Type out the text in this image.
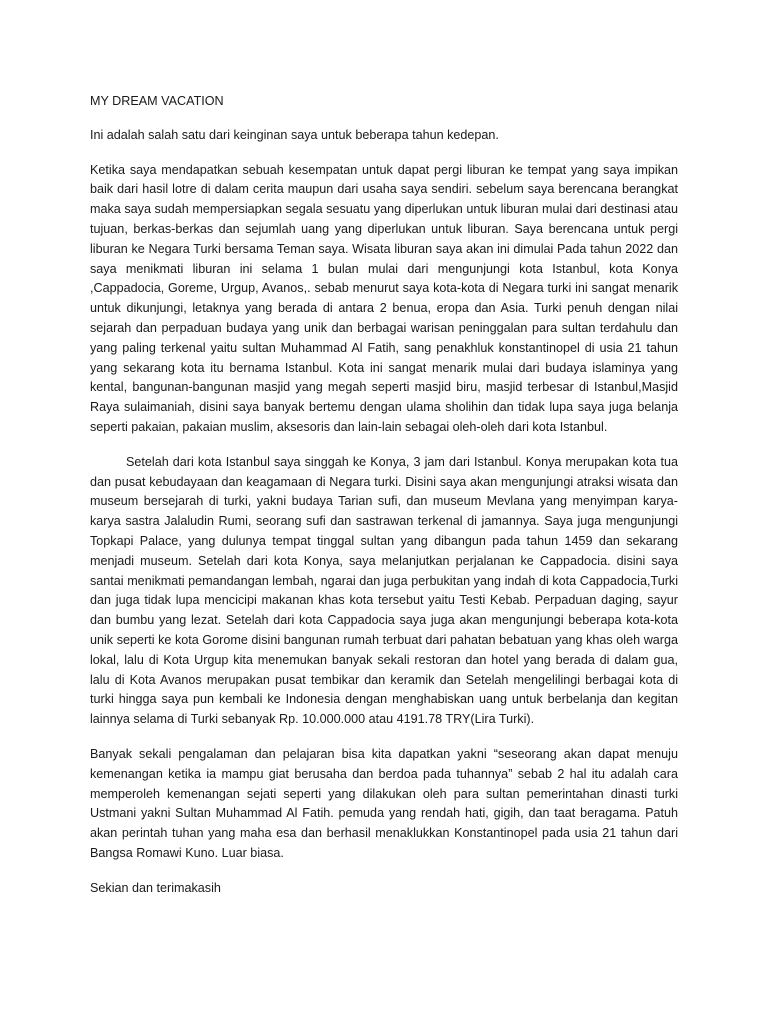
MY DREAM VACATION

Ini adalah salah satu dari keinginan saya untuk beberapa tahun kedepan.

Ketika saya mendapatkan sebuah kesempatan untuk dapat pergi liburan ke tempat yang saya impikan baik dari hasil lotre di dalam cerita maupun dari usaha saya sendiri. sebelum saya berencana berangkat maka saya sudah mempersiapkan segala sesuatu yang diperlukan untuk liburan mulai dari destinasi atau tujuan, berkas-berkas dan sejumlah uang yang diperlukan untuk liburan. Saya berencana untuk pergi liburan ke Negara Turki bersama Teman saya. Wisata liburan saya akan ini dimulai Pada tahun 2022 dan saya menikmati liburan ini selama 1 bulan mulai dari mengunjungi kota Istanbul, kota Konya ,Cappadocia, Goreme, Urgup, Avanos,. sebab menurut saya kota-kota di Negara turki ini sangat menarik untuk dikunjungi, letaknya yang berada di antara 2 benua, eropa dan Asia. Turki penuh dengan nilai sejarah dan perpaduan budaya yang unik dan berbagai warisan peninggalan para sultan terdahulu dan yang paling terkenal yaitu sultan Muhammad Al Fatih, sang penakhluk konstantinopel di usia 21 tahun yang sekarang kota itu bernama Istanbul. Kota ini sangat menarik mulai dari budaya islaminya yang kental, bangunan-bangunan masjid yang megah seperti masjid biru, masjid terbesar di Istanbul,Masjid Raya sulaimaniah, disini saya banyak bertemu dengan ulama sholihin dan tidak lupa saya juga belanja seperti pakaian, pakaian muslim, aksesoris dan lain-lain sebagai oleh-oleh dari kota Istanbul.

Setelah dari kota Istanbul saya singgah ke Konya, 3 jam dari Istanbul. Konya merupakan kota tua dan pusat kebudayaan dan keagamaan di Negara turki. Disini saya akan mengunjungi atraksi wisata dan museum bersejarah di turki, yakni budaya Tarian sufi, dan museum Mevlana yang menyimpan karya-karya sastra Jalaludin Rumi, seorang sufi dan sastrawan terkenal di jamannya. Saya juga mengunjungi Topkapi Palace, yang dulunya tempat tinggal sultan yang dibangun pada tahun 1459 dan sekarang menjadi museum. Setelah dari kota Konya, saya melanjutkan perjalanan ke Cappadocia. disini saya santai menikmati pemandangan lembah, ngarai dan juga perbukitan yang indah di kota Cappadocia,Turki dan juga tidak lupa mencicipi makanan khas kota tersebut yaitu Testi Kebab. Perpaduan daging, sayur dan bumbu yang lezat. Setelah dari kota Cappadocia saya juga akan mengunjungi beberapa kota-kota unik seperti ke kota Gorome disini bangunan rumah terbuat dari pahatan bebatuan yang khas oleh warga lokal, lalu di Kota Urgup kita menemukan banyak sekali restoran dan hotel yang berada di dalam gua, lalu di Kota Avanos merupakan pusat tembikar dan keramik dan Setelah mengelilingi berbagai kota di turki hingga saya pun kembali ke Indonesia dengan menghabiskan uang untuk berbelanja dan kegitan lainnya selama di Turki sebanyak Rp. 10.000.000 atau 4191.78 TRY(Lira Turki).

Banyak sekali pengalaman dan pelajaran bisa kita dapatkan yakni “seseorang akan dapat menuju kemenangan ketika ia mampu giat berusaha dan berdoa pada tuhannya” sebab 2 hal itu adalah cara memperoleh kemenangan sejati seperti yang dilakukan oleh para sultan pemerintahan dinasti turki Ustmani yakni Sultan Muhammad Al Fatih. pemuda yang rendah hati, gigih, dan taat beragama. Patuh akan perintah tuhan yang maha esa dan berhasil menaklukkan Konstantinopel pada usia 21 tahun dari Bangsa Romawi Kuno. Luar biasa.

Sekian dan terimakasih
